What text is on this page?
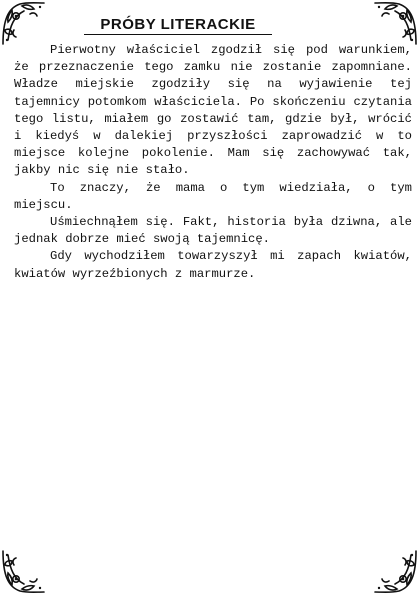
PRÓBY LITERACKIE

Pierwotny właściciel zgodził się pod warunkiem, że przeznaczenie tego zamku nie zostanie zapomniane. Władze miejskie zgodziły się na wyjawienie tej tajemnicy potomkom właściciela. Po skończeniu czytania tego listu, miałem go zostawić tam, gdzie był, wrócić i kiedyś w dalekiej przyszłości zaprowadzić w to miejsce kolejne pokolenie. Mam się zachowywać tak, jakby nic się nie stało.

To znaczy, że mama o tym wiedziała, o tym miejscu.

Uśmiechnąłem się. Fakt, historia była dziwna, ale jednak dobrze mieć swoją tajemnicę.

Gdy wychodziłem towarzyszył mi zapach kwiatów, kwiatów wyrzeźbionych z marmurze.
